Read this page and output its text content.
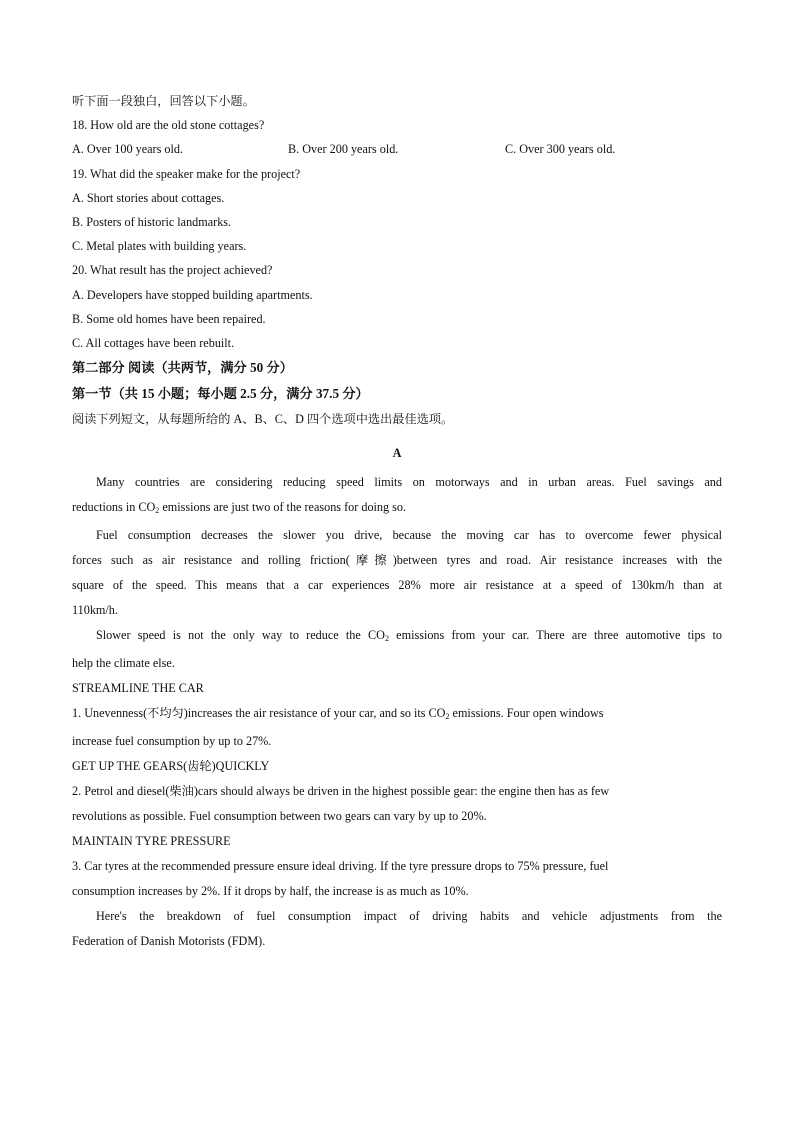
听下面一段独白，回答以下小题。
18. How old are the old stone cottages?
A. Over 100 years old.	B. Over 200 years old.	C. Over 300 years old.
19. What did the speaker make for the project?
A. Short stories about cottages.
B. Posters of historic landmarks.
C. Metal plates with building years.
20. What result has the project achieved?
A. Developers have stopped building apartments.
B. Some old homes have been repaired.
C. All cottages have been rebuilt.
第二部分 阅读（共两节，满分 50 分）
第一节（共 15 小题；每小题 2.5 分，满分 37.5 分）
阅读下列短文，从每题所给的 A、B、C、D 四个选项中选出最佳选项。
A

Many countries are considering reducing speed limits on motorways and in urban areas. Fuel savings and
reductions in $CO_2$ emissions are just two of the reasons for doing so.

Fuel consumption decreases the slower you drive, because the moving car has to overcome fewer physical
forces such as air resistance and rolling friction(摩擦)between tyres and road. Air resistance increases with the
square of the speed. This means that a car experiences 28% more air resistance at a speed of 130km/h than at
110km/h.

Slower speed is not the only way to reduce the $CO_2$ emissions from your car. There are three automotive tips to
help the climate else.

STREAMLINE THE CAR

1. Unevenness(不均匀)increases the air resistance of your car, and so its $CO_2$ emissions. Four open windows
increase fuel consumption by up to 27%.

GET UP THE GEARS(齿轮)QUICKLY

2. Petrol and diesel(柴油)cars should always be driven in the highest possible gear: the engine then has as few
revolutions as possible. Fuel consumption between two gears can vary by up to 20%.

MAINTAIN TYRE PRESSURE

3. Car tyres at the recommended pressure ensure ideal driving. If the tyre pressure drops to 75% pressure, fuel
consumption increases by 2%. If it drops by half, the increase is as much as 10%.

Here's the breakdown of fuel consumption impact of driving habits and vehicle adjustments from the
Federation of Danish Motorists (FDM).
